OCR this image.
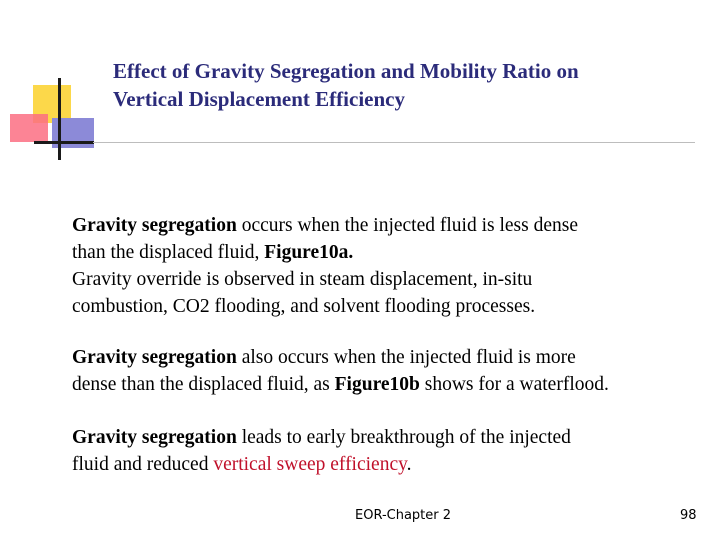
Effect of Gravity Segregation and Mobility Ratio on
Vertical Displacement Efficiency

Gravity segregation occurs when the injected fluid is less dense
than the displaced fluid, Figure10a.
Gravity override is observed in steam displacement, in-situ
combustion, CO2 flooding, and solvent flooding processes.

Gravity segregation also occurs when the injected fluid is more
dense than the displaced fluid, as Figure10b shows for a waterflood.

Gravity segregation leads to early breakthrough of the injected
fluid and reduced vertical sweep efficiency.

EOR-Chapter 2	98
